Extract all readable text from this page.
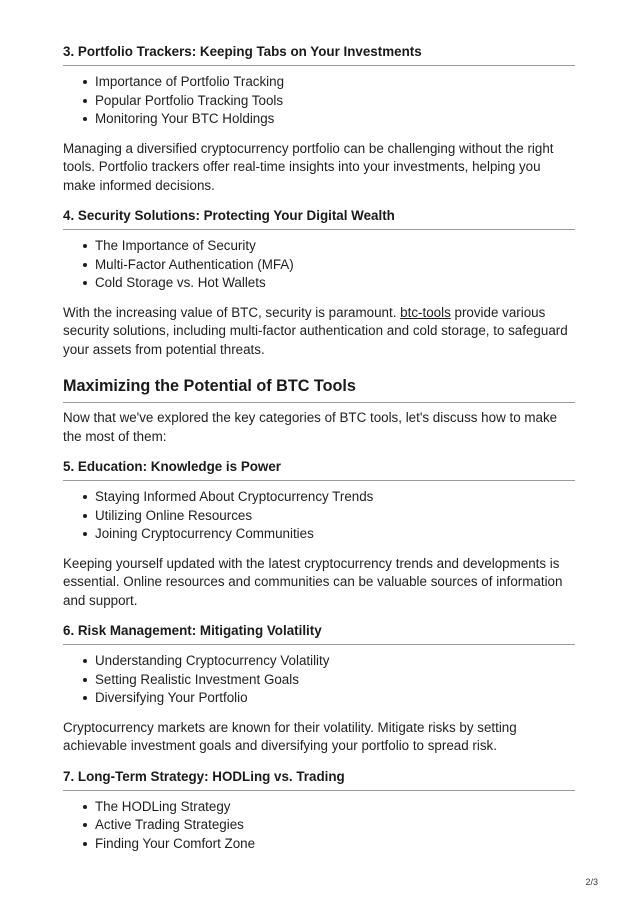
3. Portfolio Trackers: Keeping Tabs on Your Investments
Importance of Portfolio Tracking
Popular Portfolio Tracking Tools
Monitoring Your BTC Holdings

Managing a diversified cryptocurrency portfolio can be challenging without the right tools. Portfolio trackers offer real-time insights into your investments, helping you make informed decisions.

4. Security Solutions: Protecting Your Digital Wealth
The Importance of Security
Multi-Factor Authentication (MFA)
Cold Storage vs. Hot Wallets

With the increasing value of BTC, security is paramount. btc-tools provide various security solutions, including multi-factor authentication and cold storage, to safeguard your assets from potential threats.

Maximizing the Potential of BTC Tools

Now that we've explored the key categories of BTC tools, let's discuss how to make the most of them:

5. Education: Knowledge is Power
Staying Informed About Cryptocurrency Trends
Utilizing Online Resources
Joining Cryptocurrency Communities

Keeping yourself updated with the latest cryptocurrency trends and developments is essential. Online resources and communities can be valuable sources of information and support.

6. Risk Management: Mitigating Volatility
Understanding Cryptocurrency Volatility
Setting Realistic Investment Goals
Diversifying Your Portfolio

Cryptocurrency markets are known for their volatility. Mitigate risks by setting achievable investment goals and diversifying your portfolio to spread risk.

7. Long-Term Strategy: HODLing vs. Trading
The HODLing Strategy
Active Trading Strategies
Finding Your Comfort Zone
2/3
